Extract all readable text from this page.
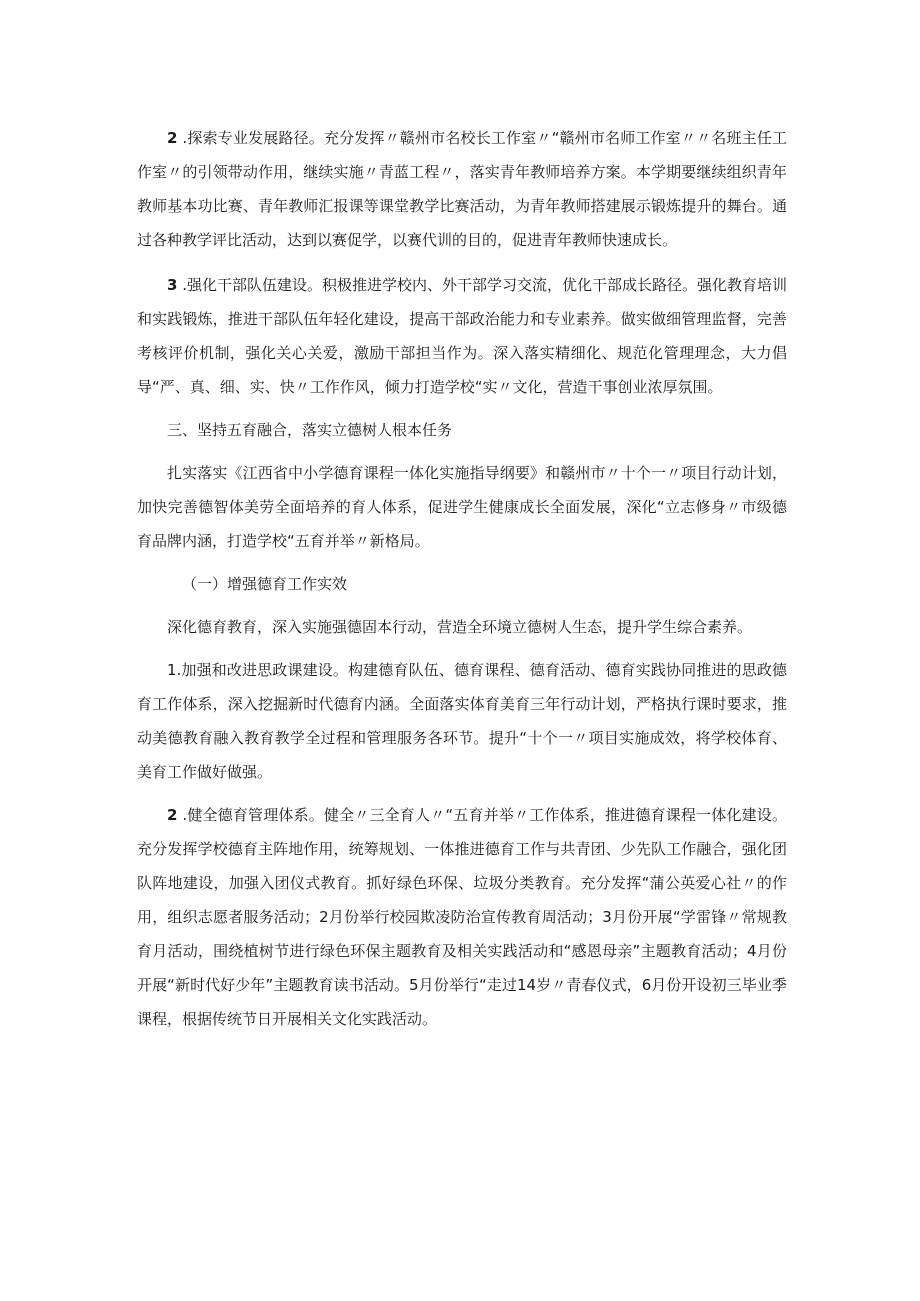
2 .探索专业发展路径。充分发挥〃赣州市名校长工作室〃“赣州市名师工作室〃〃名班主任工作室〃的引领带动作用，继续实施〃青蓝工程〃，落实青年教师培养方案。本学期要继续组织青年教师基本功比赛、青年教师汇报课等课堂教学比赛活动，为青年教师搭建展示锻炼提升的舞台。通过各种教学评比活动，达到以赛促学，以赛代训的目的，促进青年教师快速成长。

3 .强化干部队伍建设。积极推进学校内、外干部学习交流，优化干部成长路径。强化教育培训和实践锻炼，推进干部队伍年轻化建设，提高干部政治能力和专业素养。做实做细管理监督，完善考核评价机制，强化关心关爱，激励干部担当作为。深入落实精细化、规范化管理理念，大力倡导“严、真、细、实、快〃工作作风，倾力打造学校“实〃文化，营造干事创业浓厚氛围。

三、坚持五育融合，落实立德树人根本任务

扎实落实《江西省中小学德育课程一体化实施指导纲要》和赣州市〃十个一〃项目行动计划，加快完善德智体美劳全面培养的育人体系，促进学生健康成长全面发展，深化“立志修身〃市级德育品牌内涵，打造学校“五育并举〃新格局。

（一）增强德育工作实效

深化德育教育，深入实施强德固本行动，营造全环境立德树人生态，提升学生综合素养。

1.加强和改进思政课建设。构建德育队伍、德育课程、德育活动、德育实践协同推进的思政德育工作体系，深入挖掘新时代德育内涵。全面落实体育美育三年行动计划，严格执行课时要求，推动美德教育融入教育教学全过程和管理服务各环节。提升“十个一〃项目实施成效，将学校体育、美育工作做好做强。

2 .健全德育管理体系。健全〃三全育人〃“五育并举〃工作体系，推进德育课程一体化建设。充分发挥学校德育主阵地作用，统筹规划、一体推进德育工作与共青团、少先队工作融合，强化团队阵地建设，加强入团仪式教育。抓好绿色环保、垃圾分类教育。充分发挥“蒲公英爱心社〃的作用，组织志愿者服务活动；2月份举行校园欺凌防治宣传教育周活动；3月份开展“学雷锋〃常规教育月活动，围绕植树节进行绿色环保主题教育及相关实践活动和“感恩母亲”主题教育活动；4月份开展“新时代好少年”主题教育读书活动。5月份举行“走过14岁〃青春仪式，6月份开设初三毕业季课程，根据传统节日开展相关文化实践活动。
